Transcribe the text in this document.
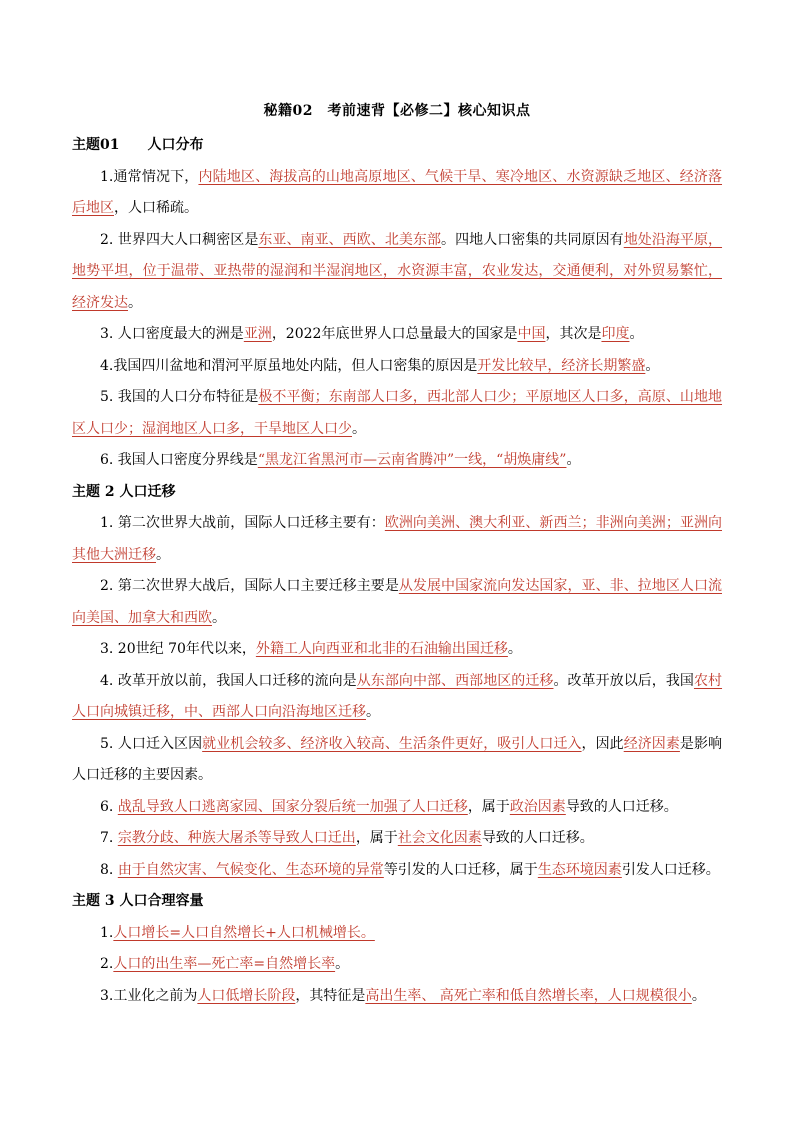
秘籍02　考前速背【必修二】核心知识点
主题01　　人口分布
1.通常情况下，内陆地区、海拔高的山地高原地区、气候干旱、寒冷地区、水资源缺乏地区、经济落后地区，人口稀疏。
2. 世界四大人口稠密区是东亚、南亚、西欧、北美东部。四地人口密集的共同原因有地处沿海平原，地势平坦，位于温带、亚热带的湿润和半湿润地区，水资源丰富，农业发达，交通便利，对外贸易繁忙，经济发达。
3. 人口密度最大的洲是亚洲，2022年底世界人口总量最大的国家是中国，其次是印度。
4.我国四川盆地和渭河平原虽地处内陆，但人口密集的原因是开发比较早，经济长期繁盛。
5. 我国的人口分布特征是极不平衡；东南部人口多，西北部人口少；平原地区人口多，高原、山地地区人口少；湿润地区人口多，干旱地区人口少。
6. 我国人口密度分界线是“黑龙江省黑河市—云南省腾冲”一线，“胡焕庸线”。
主题 2 人口迁移
1. 第二次世界大战前，国际人口迁移主要有：欧洲向美洲、澳大利亚、新西兰；非洲向美洲；亚洲向其他大洲迁移。
2. 第二次世界大战后，国际人口主要迁移主要是从发展中国家流向发达国家，亚、非、拉地区人口流向美国、加拿大和西欧。
3. 20世纪 70年代以来，外籍工人向西亚和北非的石油输出国迁移。
4. 改革开放以前，我国人口迁移的流向是从东部向中部、西部地区的迁移。改革开放以后，我国农村人口向城镇迁移，中、西部人口向沿海地区迁移。
5. 人口迁入区因就业机会较多、经济收入较高、生活条件更好，吸引人口迁入，因此经济因素是影响人口迁移的主要因素。
6. 战乱导致人口逃离家园、国家分裂后统一加强了人口迁移，属于政治因素导致的人口迁移。
7. 宗教分歧、种族大屠杀等导致人口迁出，属于社会文化因素导致的人口迁移。
8. 由于自然灾害、气候变化、生态环境的异常等引发的人口迁移，属于生态环境因素引发人口迁移。
主题 3 人口合理容量
1.人口增长=人口自然增长+人口机械增长。
2.人口的出生率—死亡率=自然增长率。
3.工业化之前为人口低增长阶段，其特征是高出生率、 高死亡率和低自然增长率，人口规模很小。
